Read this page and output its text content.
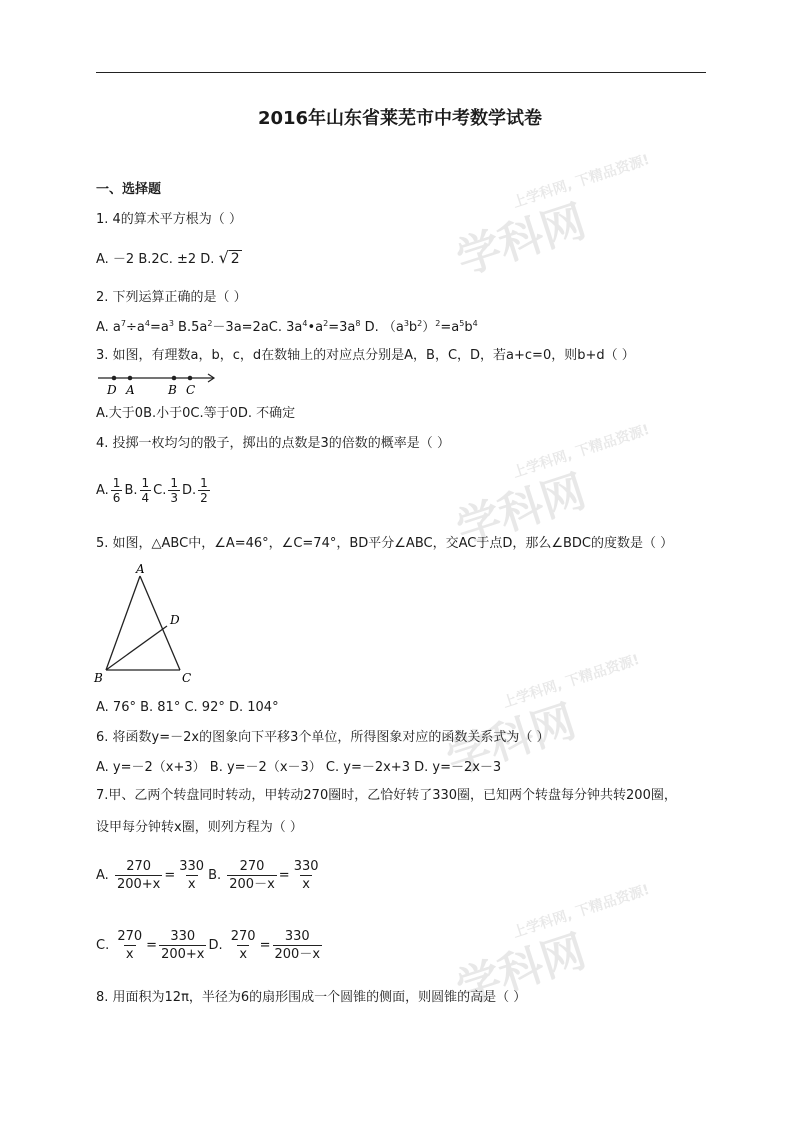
上学科网, 下精品资源!
学科网
上学科网, 下精品资源!
学科网
上学科网, 下精品资源!
学科网
上学科网, 下精品资源!
学科网
2016年山东省莱芜市中考数学试卷
一、选择题
1. 4的算术平方根为（ ）
A. －2 B.2C. ±2 D. √ 2
2. 下列运算正确的是（ ）
A. $a^7\div a^4=a^3$ $B.5a^2-3a=2aC$. $3a^4•a^2=3a^8$ D. $(a^3b^2)^2=a^5b^4$
3. 如图，有理数a，b，c，d在数轴上的对应点分别是A，B，C，D，若a+c=0，则b+d（ ）
D A	B C
A.大于0B.小于0C.等于0D. 不确定
4. 投掷一枚均匀的骰子，掷出的点数是3的倍数的概率是（ ）
A. $\frac{1}{6} B$. $\frac{1}{4} C$. $\frac{1}{3} D$. $\frac{1}{2}$
5. 如图，△ABC中，∠A=46°，∠C=74°，BD平分∠ABC，交AC于点D，那么∠BDC的度数是（ ）
A
B	C
D
A. 76° B. 81° C. 92° D. 104°
6. 将函数y=－2x的图象向下平移3个单位，所得图象对应的函数关系式为（ ）
A. y=－2（x+3） B. y=－2（x－3） C. y=－2x+3 D. y=－2x－3
7.甲、乙两个转盘同时转动，甲转动270圈时，乙恰好转了330圈，已知两个转盘每分钟共转200圈，
设甲每分钟转x圈，则列方程为（ ）
A. $\frac{270}{200+x} = \frac{330}{x} B$. $\frac{270}{200-x} = \frac{330}{x}$
C. $\frac{270}{x} = \frac{330}{200+x} D$. $\frac{270}{x} = \frac{330}{200-x}$
8. 用面积为12π，半径为6的扇形围成一个圆锥的侧面，则圆锥的高是（ ）
